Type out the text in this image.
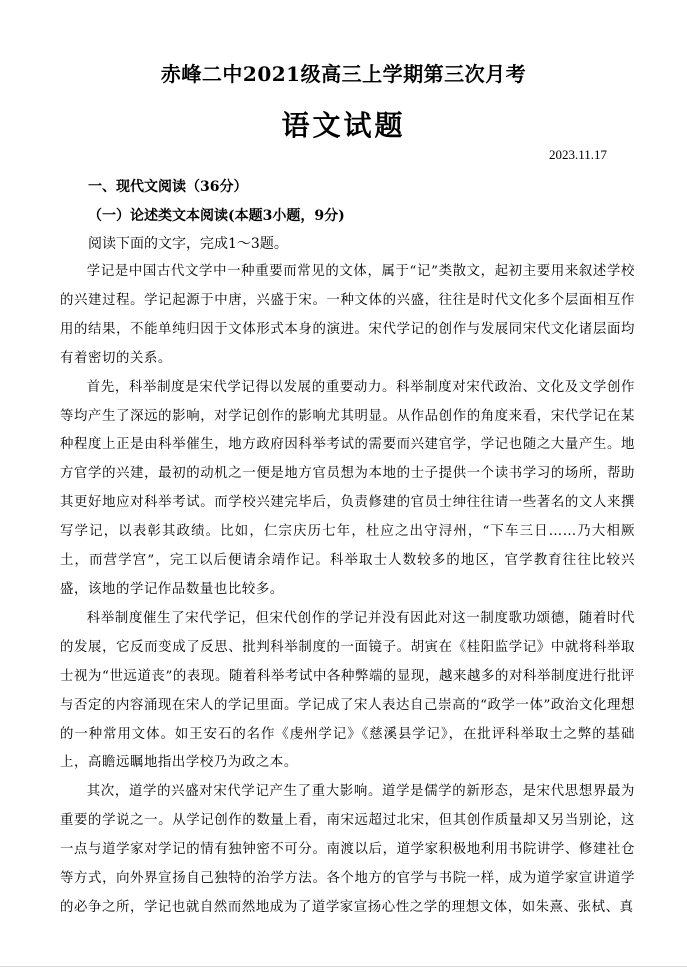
赤峰二中2021级高三上学期第三次月考
语文试题
2023.11.17
一、现代文阅读（36分）
（一）论述类文本阅读(本题3小题，9分)
阅读下面的文字，完成1～3题。

学记是中国古代文学中一种重要而常见的文体，属于“记”类散文，起初主要用来叙述学校的兴建过程。学记起源于中唐，兴盛于宋。一种文体的兴盛，往往是时代文化多个层面相互作用的结果，不能单纯归因于文体形式本身的演进。宋代学记的创作与发展同宋代文化诸层面均有着密切的关系。

首先，科举制度是宋代学记得以发展的重要动力。科举制度对宋代政治、文化及文学创作等均产生了深远的影响，对学记创作的影响尤其明显。从作品创作的角度来看，宋代学记在某种程度上正是由科举催生，地方政府因科举考试的需要而兴建官学，学记也随之大量产生。地方官学的兴建，最初的动机之一便是地方官员想为本地的士子提供一个读书学习的场所，帮助其更好地应对科举考试。而学校兴建完毕后，负责修建的官员士绅往往请一些著名的文人来撰写学记，以表彰其政绩。比如，仁宗庆历七年，杜应之出守浔州，“下车三日……乃大相厥土，而营学宫”，完工以后便请余靖作记。科举取士人数较多的地区，官学教育往往比较兴盛，该地的学记作品数量也比较多。

科举制度催生了宋代学记，但宋代创作的学记并没有因此对这一制度歌功颂德，随着时代的发展，它反而变成了反思、批判科举制度的一面镜子。胡寅在《桂阳监学记》中就将科举取士视为“世远道丧”的表现。随着科举考试中各种弊端的显现，越来越多的对科举制度进行批评与否定的内容涌现在宋人的学记里面。学记成了宋人表达自己崇高的“政学一体”政治文化理想的一种常用文体。如王安石的名作《虔州学记》《慈溪县学记》，在批评科举取士之弊的基础上，高瞻远瞩地指出学校乃为政之本。

其次，道学的兴盛对宋代学记产生了重大影响。道学是儒学的新形态，是宋代思想界最为重要的学说之一。从学记创作的数量上看，南宋远超过北宋，但其创作质量却又另当别论，这一点与道学家对学记的情有独钟密不可分。南渡以后，道学家积极地利用书院讲学、修建社仓等方式，向外界宣扬自己独特的治学方法。各个地方的官学与书院一样，成为道学家宣讲道学的必争之所，学记也就自然而然地成为了道学家宣扬心性之学的理想文体，如朱熹、张栻、真
